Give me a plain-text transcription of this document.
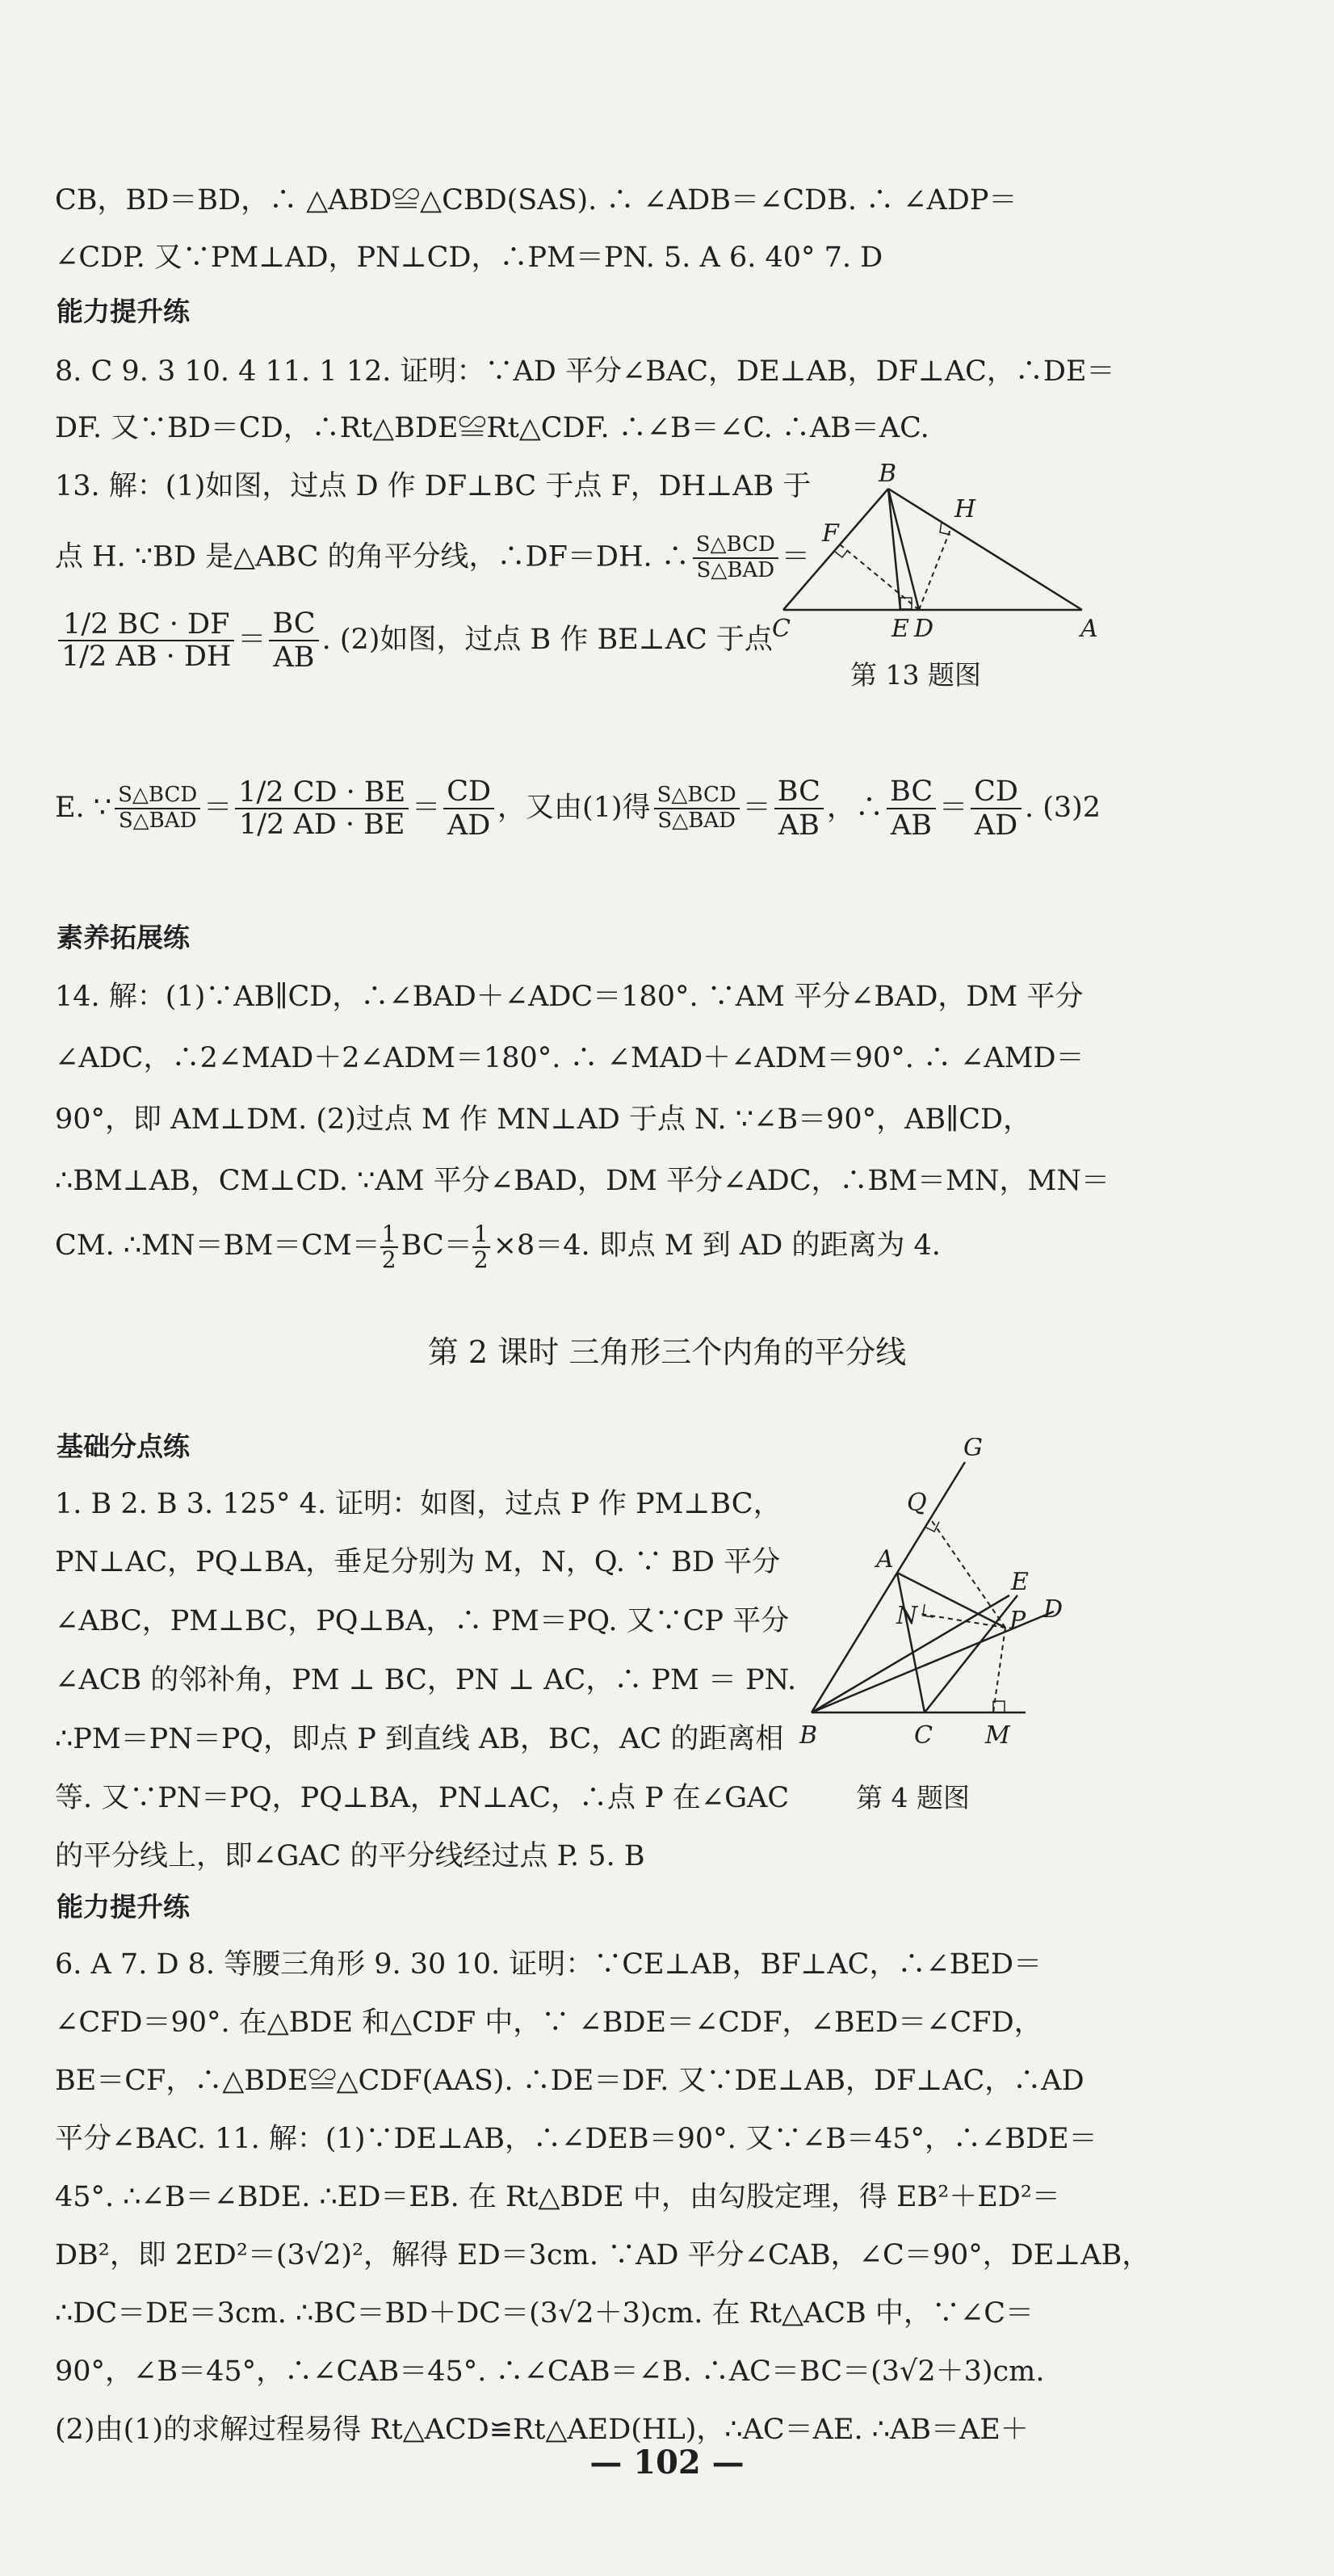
CB，BD＝BD，∴ △ABD≌△CBD(SAS). ∴ ∠ADB＝∠CDB. ∴ ∠ADP＝
∠CDP. 又∵PM⊥AD，PN⊥CD，∴PM＝PN. 5. A 6. 40° 7. D
能力提升练
8. C 9. 3 10. 4 11. 1 12. 证明：∵AD 平分∠BAC，DE⊥AB，DF⊥AC，∴DE＝
DF. 又∵BD＝CD，∴Rt△BDE≌Rt△CDF. ∴∠B＝∠C. ∴AB＝AC.
13. 解：(1)如图，过点 D 作 DF⊥BC 于点 F，DH⊥AB 于
点 H. ∵BD 是△ABC 的角平分线，∴DF＝DH. ∴ $\frac{\text{S△BCD}}{\text{S△BAD}}$ ＝
$\frac{1/2 BC \cdot DF}{1/2 AB \cdot DH} = \frac{BC}{AB}$ . (2)如图，过点 B 作 BE⊥AC 于点
E. ∵ $\frac{\text{S△BCD}}{\text{S△BAD}} = \frac{1/2 CD \cdot BE}{1/2 AD \cdot BE} = \frac{CD}{AD}$ ，又由(1)得 $\frac{\text{S△BCD}}{\text{S△BAD}} = \frac{BC}{AB}$ ，∴ $\frac{BC}{AB} = \frac{CD}{AD}$ . (3)2
素养拓展练
14. 解：(1)∵AB∥CD，∴∠BAD＋∠ADC＝180°. ∵AM 平分∠BAD，DM 平分
∠ADC，∴2∠MAD＋2∠ADM＝180°. ∴ ∠MAD＋∠ADM＝90°. ∴ ∠AMD＝
90°，即 AM⊥DM. (2)过点 M 作 MN⊥AD 于点 N. ∵∠B＝90°，AB∥CD，
∴BM⊥AB，CM⊥CD. ∵AM 平分∠BAD，DM 平分∠ADC，∴BM＝MN，MN＝
CM. ∴MN＝BM＝CM＝ $\frac{1}{2} BC= \frac{1}{2} \times 8=4$. 即点 M 到 AD 的距离为 4.
第 2 课时 三角形三个内角的平分线
基础分点练
1. B 2. B 3. 125° 4. 证明：如图，过点 P 作 PM⊥BC，
PN⊥AC，PQ⊥BA，垂足分别为 M，N，Q. ∵ BD 平分
∠ABC，PM⊥BC，PQ⊥BA，∴ PM＝PQ. 又∵CP 平分
∠ACB 的邻补角，PM ⊥ BC，PN ⊥ AC，∴ PM ＝ PN.
∴PM＝PN＝PQ，即点 P 到直线 AB，BC，AC 的距离相
等. 又∵PN＝PQ，PQ⊥BA，PN⊥AC，∴点 P 在∠GAC
的平分线上，即∠GAC 的平分线经过点 P. 5. B
能力提升练
6. A 7. D 8. 等腰三角形 9. 30 10. 证明：∵CE⊥AB，BF⊥AC，∴∠BED＝
∠CFD＝90°. 在△BDE 和△CDF 中，∵ ∠BDE＝∠CDF，∠BED＝∠CFD，
BE＝CF，∴△BDE≌△CDF(AAS). ∴DE＝DF. 又∵DE⊥AB，DF⊥AC，∴AD
平分∠BAC. 11. 解：(1)∵DE⊥AB，∴∠DEB＝90°. 又∵∠B＝45°，∴∠BDE＝
45°. ∴∠B＝∠BDE. ∴ED＝EB. 在 Rt△BDE 中，由勾股定理，得 EB²＋ED²＝
DB²，即 2ED²＝(3√2)²，解得 ED＝3cm. ∵AD 平分∠CAB，∠C＝90°，DE⊥AB，
∴DC＝DE＝3cm. ∴BC＝BD＋DC＝(3√2＋3)cm. 在 Rt△ACB 中，∵∠C＝
90°，∠B＝45°，∴∠CAB＝45°. ∴∠CAB＝∠B. ∴AC＝BC＝(3√2＋3)cm.
(2)由(1)的求解过程易得 Rt△ACD≌Rt△AED(HL)，∴AC＝AE. ∴AB＝AE＋
B
H
F
C	E D	A
第 13 题图
G
Q
A
E
D
N	P
B	C M
第 4 题图
— 102 —
